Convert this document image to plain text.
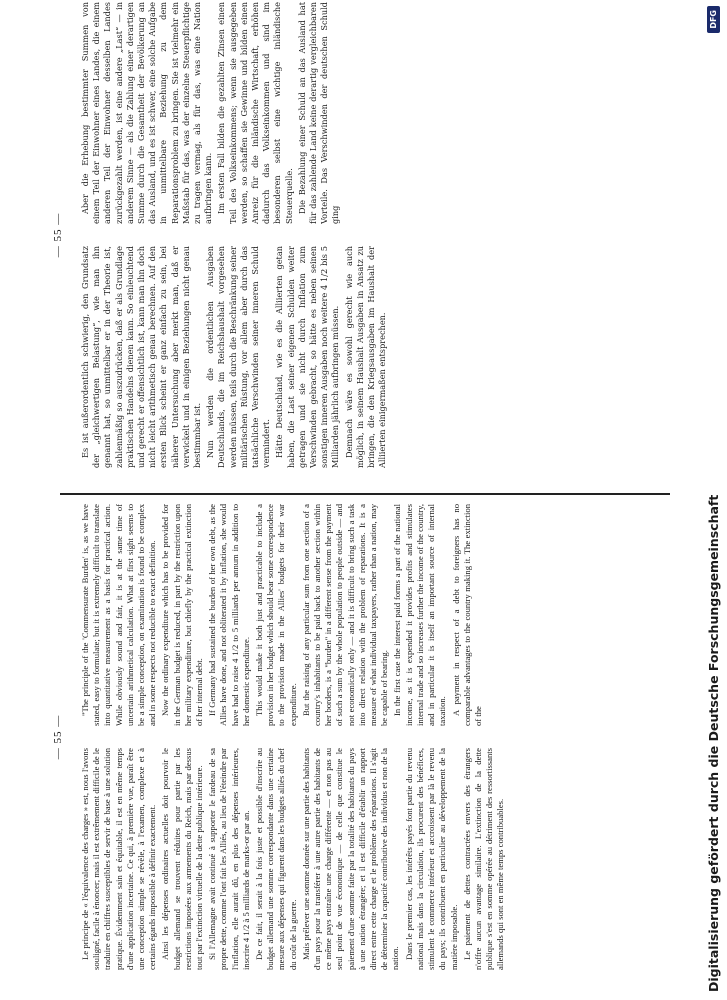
— 55 —

Le principe de « l'équivalence des charges » est, nous l'avons souligné, facile à énoncer; mais il est extrêmement difficile de le traduire en chiffres susceptibles de servir de base à une solution pratique. Évidemment sain et équitable, il est en même temps d'une application incertaine. Ce qui, à première vue, paraît être une conception simple se révèle, à l'examen, complexe et à certains égards impossible à définir exactement. Ainsi les dépenses ordinaires actuelles doit pourvoir le budget allemand se trouvent réduites pour partie par les restrictions imposées aux armements du Reich, mais par dessus tout par l'extinction virtuelle de la dette publique intérieure. Si l'Allemagne avait continué à supporter le fardeau de sa propre dette, comme l'ont fait les Alliés, au lieu de l'éteindre par l'inflation, elle aurait dû, en plus des dépenses intérieures, inscrire 4 1/2 à 5 milliards de marks-or par an. De ce fait, il serait à la fois juste et possible d'inscrire au budget allemand une somme correspondante dans une certaine mesure aux dépenses qui figurent dans les budgets alliés du chef du coût de la guerre. Mais prélever une somme donnée sur une partie des habitants d'un pays pour la transférer à une autre partie des habitants de ce même pays entraîne une charge différente — et non pas au seul point de vue économique — de celle que constitue le paiement d'une somme faite par la totalité des habitants du pays à une nation étrangère; et il est difficile d'établir un rapport direct entre cette charge et le problème des réparations. Il s'agit de déterminer la capacité contributive des individus et non de la nation. Dans le premier cas, les intérêts payés font partie du revenu national mais dans la circulation, ils procurent des bénéfices, stimulent le commerce intérieur et accroissent par là le revenu du pays; ils contribuent en particulier au développement de la matière imposable. Le paiement de dettes contractées envers des étrangers n'offre aucun avantage similaire. L'extinction de la dette publique s'est en somme opérée au détriment des ressortissants allemands qui sont en même temps contribuables.

"The principle of the 'Commensurate Burden' is, as we have stated, easy to formulate; but it is extremely difficult to translate into quantitative measurement as a basis for practical action. While obviously sound and fair, it is at the same time of uncertain arithmetical calculation. What at first sight seems to be a simple conception, on examination is found to be complex and in some respects not reducible to exact definition. Now the ordinary expenditure which has to be provided for in the German budget is reduced, in part by the restriction upon her military expenditure, but chiefly by the practical extinction of her internal debt. If Germany had sustained the burden of her own debt, as the Allies have done, and not obliterated it by inflation, she would have had to raise 4 1/2 to 5 milliards per annum in addition to her domestic expenditure. This would make it both just and practicable to include a provision in her budget which should bear some correspondence to the provision made in the Allies' budgets for their war expenditure. But the raising of any particular sum from one section of a country's inhabitants to be paid back to another section within her borders, is a "burden" in a different sense from the payment of such a sum by the whole population to people outside — and not economically only — and it is difficult to bring such a task into direct relation with the problem of reparations. It is a measure of what individual taxpayers, rather than a nation, may be capable of bearing. In the first case the interest paid forms a part of the national income, as it is expended it provides profits and stimulates internal trade and so increases further the income of the country, and in particular it is itself an important source of internal taxation. A payment in respect of a debt to foreigners has no comparable advantages to the country making it. The extinction of the

— 55 —

Es ist außerordentlich schwierig, den Grundsatz der „gleichwertigen Belastung“, wie man ihn genannt hat, so unmittelbar er in der Theorie ist, zahlenmäßig so auszudrücken, daß er als Grundlage praktischen Handelns dienen kann. So einleuchtend und gerecht er offensichtlich ist, kann man ihn doch nicht leicht arithmetisch genau berechnen. Auf den ersten Blick scheint er ganz einfach zu sein, bei näherer Untersuchung aber merkt man, daß er verwickelt und in einigen Beziehungen nicht genau bestimmbar ist. Nun werden die ordentlichen Ausgaben Deutschlands, die im Reichshaushalt vorgesehen werden müssen, teils durch die Beschränkung seiner militärischen Rüstung, vor allem aber durch das tatsächliche Verschwinden seiner inneren Schuld vermindert. Hätte Deutschland, wie es die Alliierten getan haben, die Last seiner eigenen Schulden weiter getragen und sie nicht durch Inflation zum Verschwinden gebracht, so hätte es neben seinen sonstigen inneren Ausgaben noch weitere 4 1/2 bis 5 Milliarden jährlich aufbringen müssen. Demnach wäre es sowohl gerecht wie auch möglich, in seinem Haushalt Ausgaben in Ansatz zu bringen, die den Kriegsausgaben im Haushalt der Alliierten einigermaßen entsprechen.

Aber die Erhebung bestimmter Summen von einem Teil der Einwohner eines Landes, die einem anderen Teil der Einwohner desselben Landes zurückgezahlt werden, ist eine andere „Last“ — in anderem Sinne — als die Zahlung einer derartigen Summe durch die Gesamtheit der Bevölkerung an das Ausland, und es ist schwer, eine solche Aufgabe in unmittelbare Beziehung zu dem Reparationsproblem zu bringen. Sie ist vielmehr ein Maßstab für das, was der einzelne Steuerpflichtige zu tragen vermag, als für das, was eine Nation aufbringen kann. Im ersten Fall bilden die gezahlten Zinsen einen Teil des Volkseinkommens; wenn sie ausgegeben werden, so schaffen sie Gewinne und bilden einen Anreiz für die inländische Wirtschaft, erhöhen dadurch das Volkseinkommen und sind im besonderen selbst eine wichtige inländische Steuerquelle. Die Bezahlung einer Schuld an das Ausland hat für das zahlende Land keine derartig vergleichbaren Vorteile. Das Verschwinden der deutschen Schuld ging

Digitalisierung gefördert durch die Deutsche Forschungsgemeinschaft
DFG
